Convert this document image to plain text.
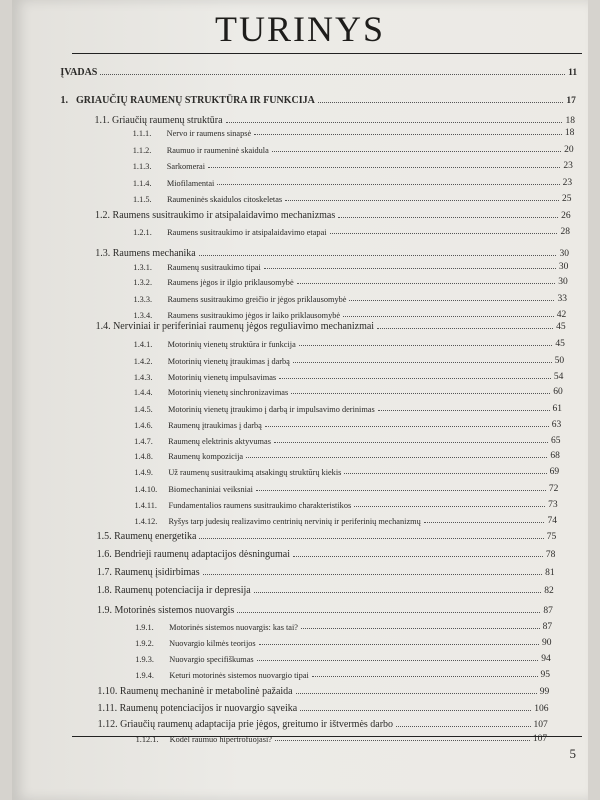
TURINYS
ĮVADAS	11
1. GRIAUČIŲ RAUMENŲ STRUKTŪRA IR FUNKCIJA	17
1.1. Griaučių raumenų struktūra	18
1.1.1. Nervo ir raumens sinapsė	18
1.1.2. Raumuo ir raumeninė skaidula	20
1.1.3. Sarkomerai	23
1.1.4. Miofilamentai	23
1.1.5. Raumeninės skaidulos citoskeletas	25
1.2. Raumens susitraukimo ir atsipalaidavimo mechanizmas	26
1.2.1. Raumens susitraukimo ir atsipalaidavimo etapai	28
1.3. Raumens mechanika	30
1.3.1. Raumenų susitraukimo tipai	30
1.3.2. Raumens jėgos ir ilgio priklausomybė	30
1.3.3. Raumens susitraukimo greičio ir jėgos priklausomybė	33
1.3.4. Raumens susitraukimo jėgos ir laiko priklausomybė	42
1.4. Nerviniai ir periferiniai raumenų jėgos reguliavimo mechanizmai	45
1.4.1. Motorinių vienetų struktūra ir funkcija	45
1.4.2. Motorinių vienetų įtraukimas į darbą	50
1.4.3. Motorinių vienetų impulsavimas	54
1.4.4. Motorinių vienetų sinchronizavimas	60
1.4.5. Motorinių vienetų įtraukimo į darbą ir impulsavimo derinimas	61
1.4.6. Raumenų įtraukimas į darbą	63
1.4.7. Raumenų elektrinis aktyvumas	65
1.4.8. Raumenų kompozicija	68
1.4.9. Už raumenų susitraukimą atsakingų struktūrų kiekis	69
1.4.10. Biomechaniniai veiksniai	72
1.4.11. Fundamentalios raumens susitraukimo charakteristikos	73
1.4.12. Ryšys tarp judesių realizavimo centrinių nervinių ir periferinių mechanizmų	74
1.5. Raumenų energetika	75
1.6. Bendrieji raumenų adaptacijos dėsningumai	78
1.7. Raumenų įsidirbimas	81
1.8. Raumenų potenciacija ir depresija	82
1.9. Motorinės sistemos nuovargis	87
1.9.1. Motorinės sistemos nuovargis: kas tai?	87
1.9.2. Nuovargio kilmės teorijos	90
1.9.3. Nuovargio specifiškumas	94
1.9.4. Keturi motorinės sistemos nuovargio tipai	95
1.10. Raumenų mechaninė ir metabolinė pažaida	99
1.11. Raumenų potenciacijos ir nuovargio sąveika	106
1.12. Griaučių raumenų adaptacija prie jėgos, greitumo ir ištvermės darbo	107
1.12.1. Kodėl raumuo hipertrofuojasi?	107
5
